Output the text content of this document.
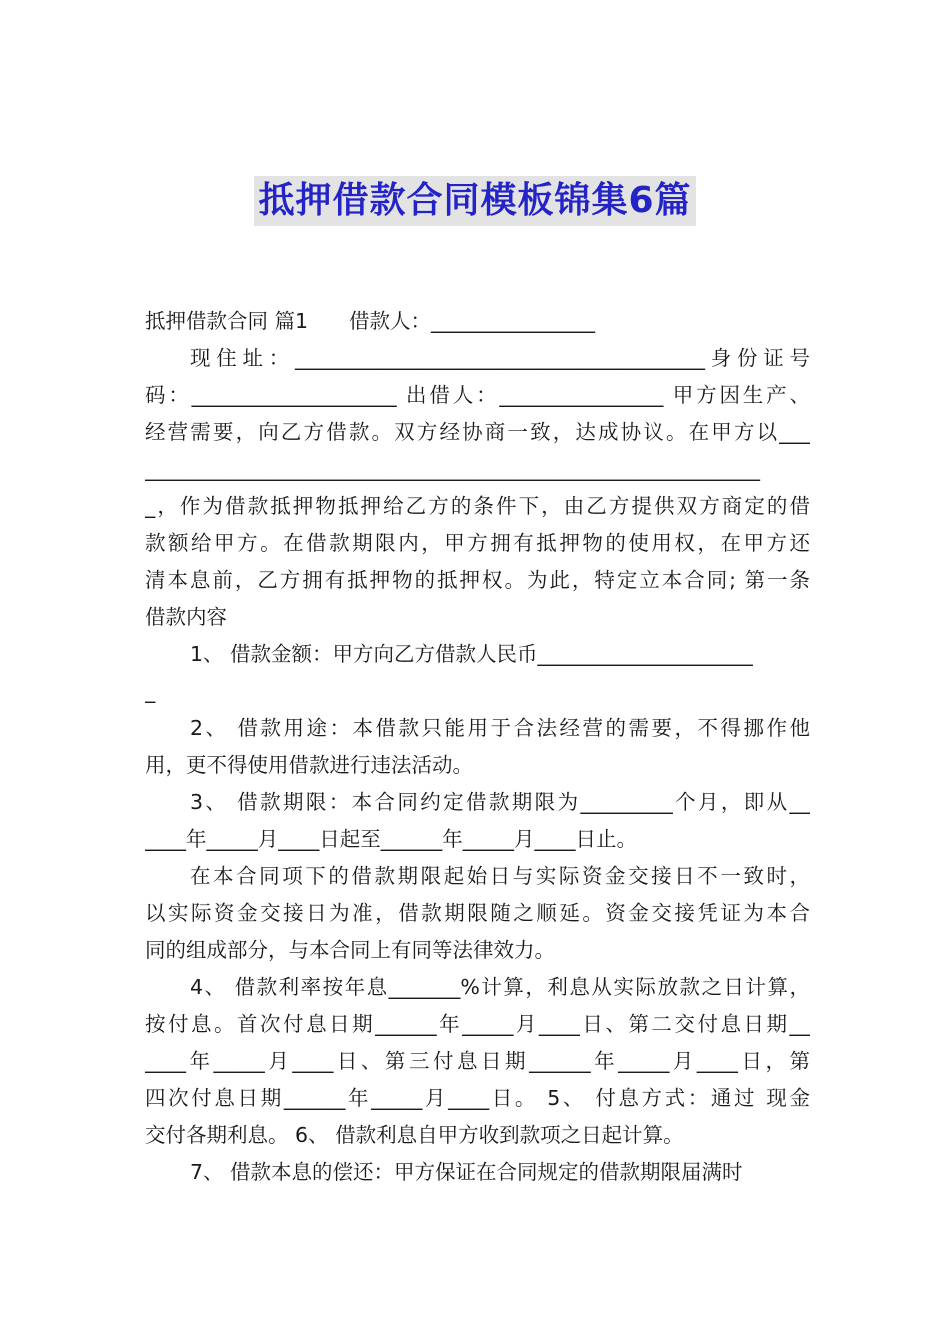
抵押借款合同模板锦集6篇
抵押借款合同 篇1　　借款人：________________
现住址：________________________________________身份证号
码：____________________ 出借人：________________ 甲方因生产、
经营需要，向乙方借款。双方经协商一致，达成协议。在甲方以___
____________________________________________________________
_，作为借款抵押物抵押给乙方的条件下，由乙方提供双方商定的借
款额给甲方。在借款期限内，甲方拥有抵押物的使用权，在甲方还
清本息前，乙方拥有抵押物的抵押权。为此，特定立本合同; 第一条
借款内容
1、 借款金额：甲方向乙方借款人民币_____________________
_
2、 借款用途：本借款只能用于合法经营的需要，不得挪作他
用，更不得使用借款进行违法活动。
3、 借款期限：本合同约定借款期限为_________个月，即从__
____年_____月____日起至______年_____月____日止。
在本合同项下的借款期限起始日与实际资金交接日不一致时，
以实际资金交接日为准，借款期限随之顺延。资金交接凭证为本合
同的组成部分，与本合同上有同等法律效力。
4、 借款利率按年息_______%计算，利息从实际放款之日计算，
按付息。首次付息日期______年_____月____日、第二交付息日期__
____年_____月____日、第三付息日期______年_____月____日，第
四次付息日期______年_____月____日。 5、 付息方式：通过 现金
交付各期利息。 6、 借款利息自甲方收到款项之日起计算。
7、 借款本息的偿还：甲方保证在合同规定的借款期限届满时
